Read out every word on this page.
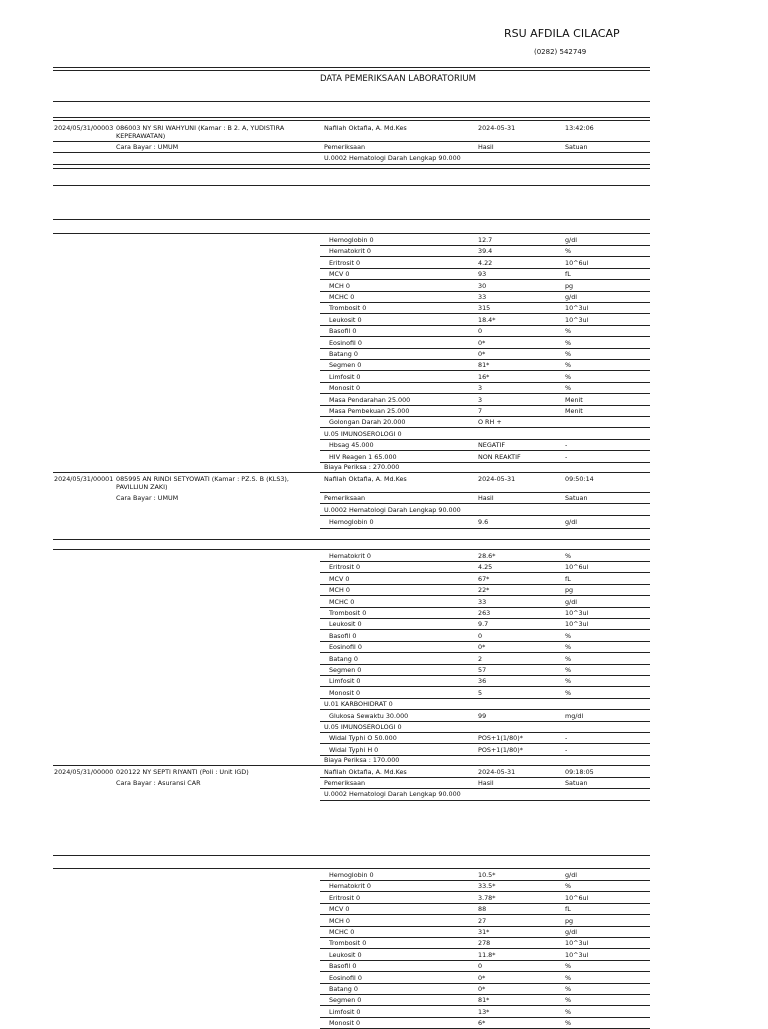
RSU AFDILA CILACAP
(0282) 542749
DATA PEMERIKSAAN LABORATORIUM
2024/05/31/00003 086003 NY SRI WAHYUNI (Kamar : B 2. A, YUDISTIRA KEPERAWATAN)
Nafilah Oktafia, A. Md.Kes	2024-05-31	13:42:06
Cara Bayar : UMUM	Pemeriksaan	Hasil	Satuan
U.0002 Hematologi Darah Lengkap 90.000
Hemoglobin 0	12.7	g/dl
Hematokrit 0	39.4	%
Eritrosit 0	4.22	10^6ul
MCV 0	93	fL
MCH 0	30	pg
MCHC 0	33	g/dl
Trombosit 0	315	10^3ul
Leukosit 0	18.4*	10^3ul
Basofil 0	0	%
Eosinofil 0	0*	%
Batang 0	0*	%
Segmen 0	81*	%
Limfosit 0	16*	%
Monosit 0	3	%
Masa Pendarahan 25.000	3	Menit
Masa Pembekuan 25.000	7	Menit
Golongan Darah 20.000	O RH +
U.05 IMUNOSEROLOGI 0
Hbsag 45.000	NEGATIF	-
HIV Reagen 1 65.000	NON REAKTIF	-
Biaya Periksa : 270.000
2024/05/31/00001 085995 AN RINDI SETYOWATI (Kamar : PZ.S. B (KLS3), PAVILLIUN ZAKI)
Nafilah Oktafia, A. Md.Kes	2024-05-31	09:50:14
Cara Bayar : UMUM	Pemeriksaan	Hasil	Satuan
U.0002 Hematologi Darah Lengkap 90.000
Hemoglobin 0	9.6	g/dl
Hematokrit 0	28.6*	%
Eritrosit 0	4.25	10^6ul
MCV 0	67*	fL
MCH 0	22*	pg
MCHC 0	33	g/dl
Trombosit 0	263	10^3ul
Leukosit 0	9.7	10^3ul
Basofil 0	0	%
Eosinofil 0	0*	%
Batang 0	2	%
Segmen 0	57	%
Limfosit 0	36	%
Monosit 0	5	%
U.01 KARBOHIDRAT 0
Glukosa Sewaktu 30.000	99	mg/dl
U.05 IMUNOSEROLOGI 0
Widal Typhi O 50.000	POS+1(1/80)*	-
Widal Typhi H 0	POS+1(1/80)*	-
Biaya Periksa : 170.000
2024/05/31/00000 020122 NY SEPTI RIYANTI (Poli : Unit IGD)	Nafilah Oktafia, A. Md.Kes	2024-05-31	09:18:05
Cara Bayar : Asuransi CAR	Pemeriksaan	Hasil	Satuan
U.0002 Hematologi Darah Lengkap 90.000
Hemoglobin 0	10.5*	g/dl
Hematokrit 0	33.5*	%
Eritrosit 0	3.78*	10^6ul
MCV 0	88	fL
MCH 0	27	pg
MCHC 0	31*	g/dl
Trombosit 0	278	10^3ul
Leukosit 0	11.8*	10^3ul
Basofil 0	0	%
Eosinofil 0	0*	%
Batang 0	0*	%
Segmen 0	81*	%
Limfosit 0	13*	%
Monosit 0	6*	%
